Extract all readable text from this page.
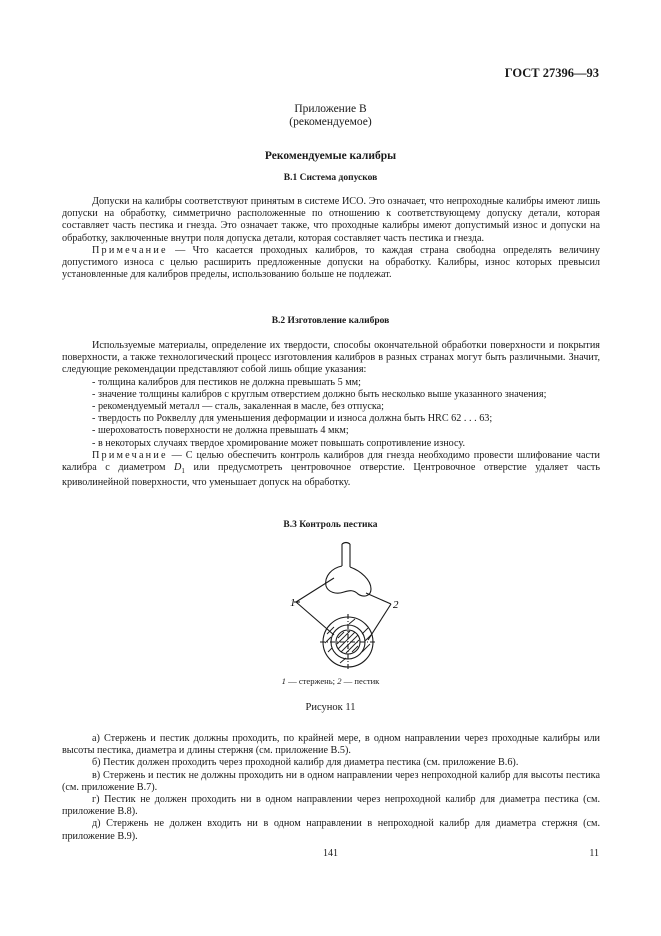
ГОСТ 27396—93
Приложение В
(рекомендуемое)
Рекомендуемые калибры
В.1 Система допусков

Допуски на калибры соответствуют принятым в системе ИСО. Это означает, что непроходные калибры имеют лишь допуски на обработку, симметрично расположенные по отношению к соответствующему допуску детали, которая составляет часть пестика и гнезда. Это означает также, что проходные калибры имеют допустимый износ и допуски на обработку, заключенные внутри поля допуска детали, которая составляет часть пестика и гнезда.

Примечание — Что касается проходных калибров, то каждая страна свободна определять величину допустимого износа с целью расширить предложенные допуски на обработку. Калибры, износ которых превысил установленные для калибров пределы, использованию больше не подлежат.

В.2 Изготовление калибров

Используемые материалы, определение их твердости, способы окончательной обработки поверхности и покрытия поверхности, а также технологический процесс изготовления калибров в разных странах могут быть различными. Значит, следующие рекомендации представляют собой лишь общие указания:

- толщина калибров для пестиков не должна превышать 5 мм;

- значение толщины калибров с круглым отверстием должно быть несколько выше указанного значения;

- рекомендуемый металл — сталь, закаленная в масле, без отпуска;

- твердость по Роквеллу для уменьшения деформации и износа должна быть HRC 62 . . . 63;

- шероховатость поверхности не должна превышать 4 мкм;

- в некоторых случаях твердое хромирование может повышать сопротивление износу.

Примечание — С целью обеспечить контроль калибров для гнезда необходимо провести шлифование части калибра с диаметром $D_1$ или предусмотреть центровочное отверстие. Центровочное отверстие удаляет часть криволинейной поверхности, что уменьшает допуск на обработку.

В.3 Контроль пестика
1	2
1 — стержень; 2 — пестик
Рисунок 11

а) Стержень и пестик должны проходить, по крайней мере, в одном направлении через проходные калибры или высоты пестика, диаметра и длины стержня (см. приложение В.5).

б) Пестик должен проходить через проходной калибр для диаметра пестика (см. приложение В.6).

в) Стержень и пестик не должны проходить ни в одном направлении через непроходной калибр для высоты пестика (см. приложение В.7).

г) Пестик не должен проходить ни в одном направлении через непроходной калибр для диаметра пестика (см. приложение В.8).

д) Стержень не должен входить ни в одном направлении в непроходной калибр для диаметра стержня (см. приложение В.9).

141	11
